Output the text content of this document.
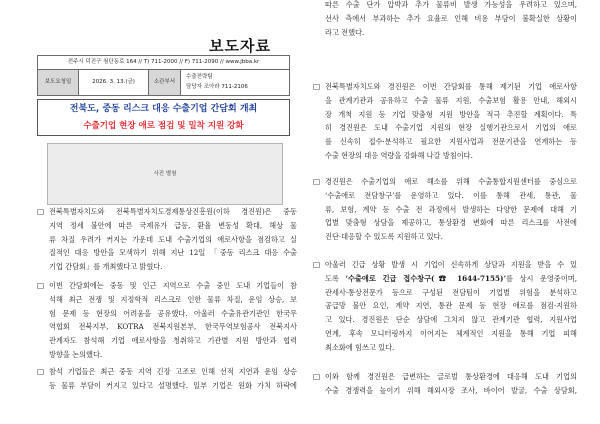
보도자료
전주시 덕진구 첨단동로 164 // T) 711-2000 // F) 711-2090 // www.jbba.kr
보도요청일	2026. 3. 13.(금)	소관부서
수출전략팀
담당자 조아라 711-2106
전북도, 중동 리스크 대응 수출기업 간담회 개최
수출기업 현장 애로 점검 및 밀착 지원 강화
사진 별첨
□ 전북특별자치도와 전북특별자치도경제통상진흥원(이하 경진원)은 중동
지역 정세 불안에 따른 국제유가 급등, 환율 변동성 확대, 해상 물
류 차질 우려가 커지는 가운데 도내 수출기업의 애로사항을 점검하고 실
질적인 대응 방안을 모색하기 위해 지난 12일 「중동 리스크 대응 수출
기업 간담회」를 개최했다고 밝혔다.
□ 이번 간담회에는 중동 및 인근 지역으로 수출 중인 도내 기업들이 참
석해 최근 전쟁 및 지정학적 리스크로 인한 물류 차질, 운임 상승, 보
험 문제 등 현장의 어려움을 공유했다. 아울러 수출유관기관인 한국무
역협회 전북지부, KOTRA 전북지원본부, 한국무역보험공사 전북지사
관계자도 참석해 기업 애로사항을 청취하고 기관별 지원 방안과 협력
방향을 논의했다.
□ 참석 기업들은 최근 중동 지역 긴장 고조로 인해 선적 지연과 운임 상승
등 물류 부담이 커지고 있다고 설명했다. 일부 기업은 원화 가치 하락에
따른 수출 단가 압박과 추가 물류비 발생 가능성을 우려하고 있으며,
선사 측에서 부과하는 추가 요율로 인해 비용 부담이 불확실한 상황이
라고 전했다.
□ 전북특별자치도와 경진원은 이번 간담회를 통해 제기된 기업 애로사항
을 관계기관과 공유하고 수출 물류 지원, 수출보험 활용 안내, 해외시
장 개척 지원 등 기업 맞춤형 지원 방안을 적극 추진할 계획이다. 특
히 경진원은 도내 수출기업 지원의 현장 실행기관으로서 기업의 애로
를 신속히 접수·분석하고 필요한 지원사업과 전문기관을 연계하는 등
수출 현장의 대응 역량을 강화해 나갈 방침이다.
□ 경진원은 수출기업의 애로 해소를 위해 수출통합지원센터를 중심으로
‘수출애로 전담창구’를 운영하고 있다. 이를 통해 관세, 통관, 물
류, 보험, 계약 등 수출 전 과정에서 발생하는 다양한 문제에 대해 기
업별 맞춤형 상담을 제공하고, 통상환경 변화에 따른 리스크를 사전에
진단·대응할 수 있도록 지원하고 있다.
□ 아울러 긴급 상황 발생 시 기업이 신속하게 상담과 지원을 받을 수 있
도록 ‘수출애로 긴급 접수창구(☎ 1644-7155)’를 상시 운영중이며,
관세사·통상전문가 등으로 구성된 전담팀이 기업별 위험을 분석하고
공급망 불안 요인, 계약 지연, 통관 문제 등 현장 애로를 점검·지원하
고 있다. 경진원은 단순 상담에 그치지 않고 관계기관 협력, 지원사업
연계, 후속 모니터링까지 이어지는 체계적인 지원을 통해 기업 피해
최소화에 힘쓰고 있다.
□ 이와 함께 경진원은 급변하는 글로벌 통상환경에 대응해 도내 기업의
수출 경쟁력을 높이기 위해 해외시장 조사, 바이어 발굴, 수출 상담회,
